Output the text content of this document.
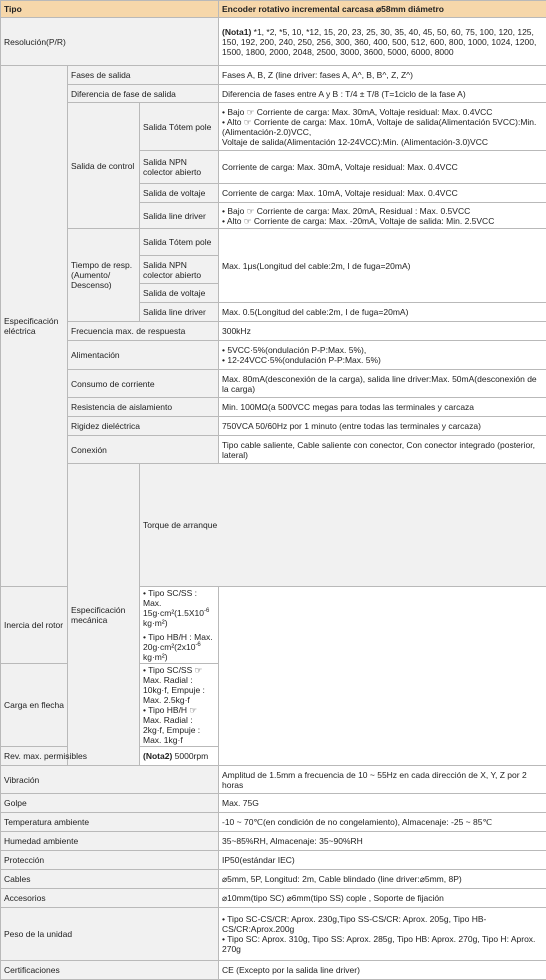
Tipo			Encoder rotativo incremental carcasa ⌀58mm diámetro	
Resolución(P/R)			(Nota1) *1, *2, *5, 10, *12, 15, 20, 23, 25, 30, 35, 40, 45, 50, 60, 75, 100, 120, 125, 150, 192, 200, 240, 250, 256, 300, 360, 400, 500, 512, 600, 800, 1000, 1024, 1200, 1500, 1800, 2000, 2048, 2500, 3000, 3600, 5000, 6000, 8000	
Especificación eléctrica	Fases de salida		Fases A, B, Z (line driver: fases A, A^, B, B^, Z, Z^)	
	Diferencia de fase de salida		Diferencia de fases entre A y B : T/4 ± T/8 (T=1ciclo de la fase A)	
	Salida de control	Salida Tótem pole	• Bajo ☞ Corriente de carga: Max. 30mA, Voltaje residual: Max. 0.4VCC
• Alto ☞ Corriente de carga: Max. 10mA, Voltaje de salida(Alimentación 5VCC):Min. (Alimentación-2.0)VCC,
Voltaje de salida(Alimentación 12-24VCC):Min. (Alimentación-3.0)VCC	

		Salida NPN colector abierto	Corriente de carga: Max. 30mA, Voltaje residual: Max. 0.4VCC	
		Salida de voltaje	Corriente de carga: Max. 10mA, Voltaje residual: Max. 0.4VCC	
		Salida line driver	• Bajo ☞ Corriente de carga: Max. 20mA, Residual : Max. 0.5VCC
• Alto ☞ Corriente de carga: Max. -20mA, Voltaje de salida: Min. 2.5VCC	

	Tiempo de resp. (Aumento/ Descenso)	Salida Tótem pole	Max. 1μs(Longitud del cable:2m, I de fuga=20mA)	
		Salida NPN colector abierto		
		Salida de voltaje		
		Salida line driver	Max. 0.5(Longitud del cable:2m, I de fuga=20mA)	
	Frecuencia max. de respuesta		300kHz	
	Alimentación		• 5VCC·5%(ondulación P-P:Max. 5%),
• 12-24VCC·5%(ondulación P-P:Max. 5%)	

	Consumo de corriente		Max. 80mA(desconexión de la carga), salida line driver:Max. 50mA(desconexión de la carga)	
	Resistencia de aislamiento		Min. 100MΩ(a 500VCC megas para todas las terminales y carcaza	
	Rigidez dieléctrica		750VCA 50/60Hz por 1 minuto (entre todas las terminales y carcaza)	
	Conexión		Tipo cable saliente, Cable saliente con conector, Con conector integrado (posterior, lateral)	
	Especificación mecánica	Torque de arranque	

Inercia del rotor		• Tipo SC/SS : Max. $15g\cdot cm^2(1.5X10^{-6}$ kg·m²)
• Tipo HB/H : Max. $20g\cdot cm^2(2x10^{-6}$ kg·m²)		

Carga en flecha		• Tipo SC/SS ☞ Max. Radial : 10kg·f, Empuje : Max. 2.5kg·f
• Tipo HB/H ☞ Max. Radial : 2kg·f, Empuje : Max. 1kg·f		

Rev. max. permisibles		(Nota2) 5000rpm		
Vibración			Amplitud de 1.5mm a frecuencia de 10 ~ 55Hz en cada dirección de X, Y, Z por 2 horas	
Golpe			Max. 75G	
Temperatura ambiente			-10 ~ 70℃(en condición de no congelamiento), Almacenaje: -25 ~ 85℃	
Humedad ambiente			35~85%RH, Almacenaje: 35~90%RH	
Protección			IP50(estándar IEC)	
Cables			⌀5mm, 5P, Longitud: 2m, Cable blindado (line driver:⌀5mm, 8P)	
Accesorios			⌀10mm(tipo SC) ⌀6mm(tipo SS) cople , Soporte de fijación	
Peso de la unidad			• Tipo SC-CS/CR: Aprox. 230g,Tipo SS-CS/CR: Aprox. 205g, Tipo HB-CS/CR:Aprox.200g
• Tipo SC: Aprox. 310g, Tipo SS: Aprox. 285g, Tipo HB: Aprox. 270g, Tipo H: Aprox. 270g	

Certificaciones			CE (Excepto por la salida line driver)	
